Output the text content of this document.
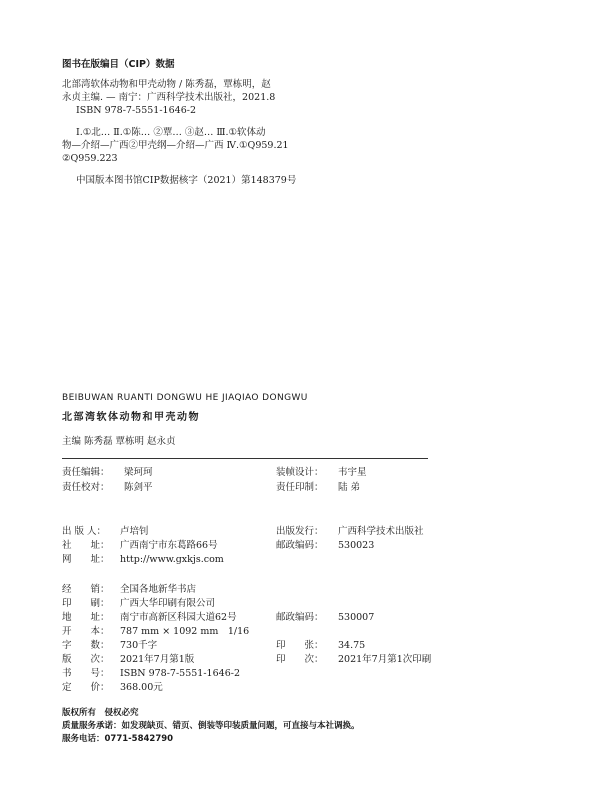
图书在版编目（CIP）数据
北部湾软体动物和甲壳动物 / 陈秀磊，覃栋明，赵
永贞主编. — 南宁：广西科学技术出版社，2021.8
ISBN 978-7-5551-1646-2
Ⅰ.①北… Ⅱ.①陈… ②覃… ③赵… Ⅲ.①软体动
物—介绍—广西②甲壳纲—介绍—广西 Ⅳ.①Q959.21
②Q959.223
中国版本图书馆CIP数据核字（2021）第148379号
BEIBUWAN RUANTI DONGWU HE JIAQIAO DONGWU
北部湾软体动物和甲壳动物
主编 陈秀磊 覃栋明 赵永贞
责任编辑： 梁珂珂
责任校对： 陈剑平
装帧设计： 韦宇星
责任印制： 陆 弟
出 版 人： 卢培钊
社　　址： 广西南宁市东葛路66号
网　　址： http://www.gxkjs.com
出版发行： 广西科学技术出版社
邮政编码： 530023
经　　销： 全国各地新华书店
印　　刷： 广西大华印刷有限公司
地　　址： 南宁市高新区科园大道62号
开　　本： 787 mm × 1092 mm　1/16
字　　数： 730千字
版　　次： 2021年7月第1版
书　　号： ISBN 978-7-5551-1646-2
定　　价： 368.00元
邮政编码： 530007
印　　张： 34.75
印　　次： 2021年7月第1次印刷
版权所有　侵权必究
质量服务承诺：如发现缺页、错页、倒装等印装质量问题，可直接与本社调换。
服务电话：0771-5842790
